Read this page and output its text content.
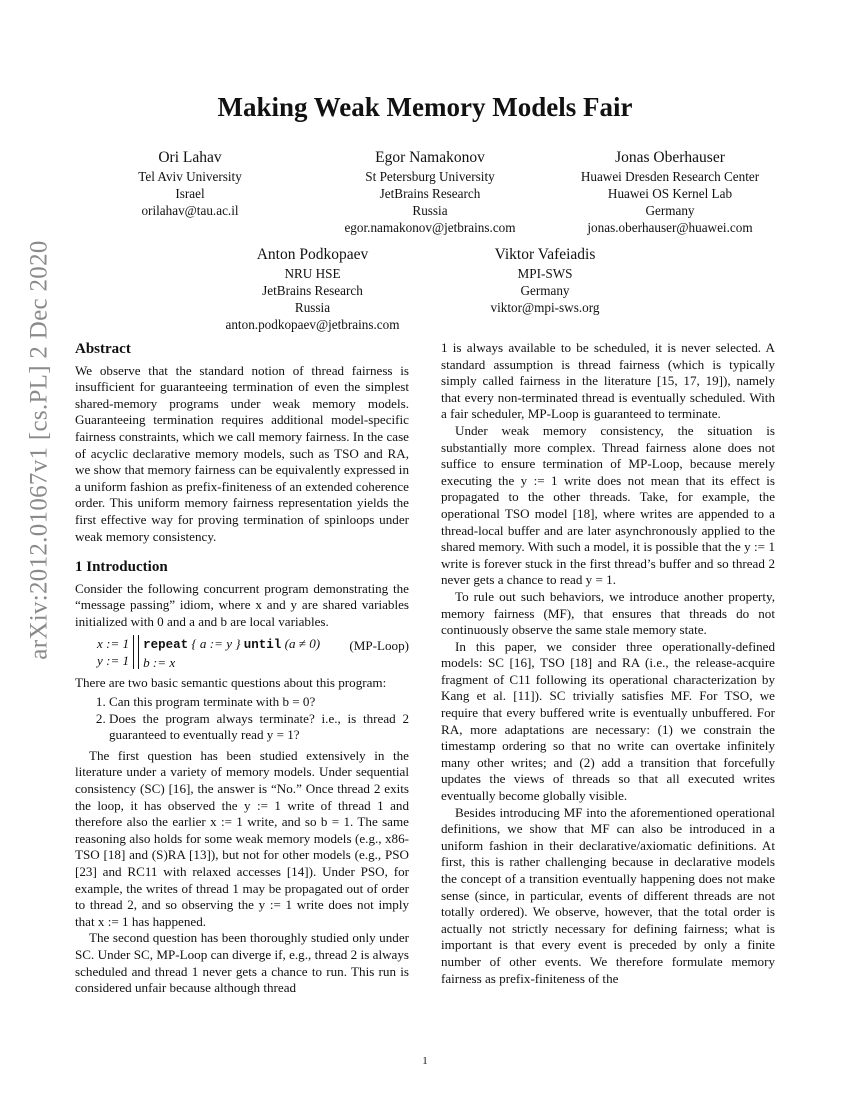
arXiv:2012.01067v1 [cs.PL] 2 Dec 2020
Making Weak Memory Models Fair
Ori Lahav
Tel Aviv University
Israel
orilahav@tau.ac.il
Egor Namakonov
St Petersburg University
JetBrains Research
Russia
egor.namakonov@jetbrains.com
Jonas Oberhauser
Huawei Dresden Research Center
Huawei OS Kernel Lab
Germany
jonas.oberhauser@huawei.com
Anton Podkopaev
NRU HSE
JetBrains Research
Russia
anton.podkopaev@jetbrains.com
Viktor Vafeiadis
MPI-SWS
Germany
viktor@mpi-sws.org
Abstract

We observe that the standard notion of thread fairness is insufficient for guaranteeing termination of even the simplest shared-memory programs under weak memory models. Guaranteeing termination requires additional model-specific fairness constraints, which we call memory fairness. In the case of acyclic declarative memory models, such as TSO and RA, we show that memory fairness can be equivalently expressed in a uniform fashion as prefix-finiteness of an extended coherence order. This uniform memory fairness representation yields the first effective way for proving termination of spinloops under weak memory consistency.

1 Introduction

Consider the following concurrent program demonstrating the “message passing” idiom, where x and y are shared variables initialized with 0 and a and b are local variables.

x := 1
y := 1
repeat { a := y } until (a ≠ 0)
b := x
(MP-Loop)

There are two basic semantic questions about this program:

1. Can this program terminate with b = 0?
2. Does the program always terminate? i.e., is thread 2 guaranteed to eventually read y = 1?

The first question has been studied extensively in the literature under a variety of memory models. Under sequential consistency (SC) [16], the answer is “No.” Once thread 2 exits the loop, it has observed the y := 1 write of thread 1 and therefore also the earlier x := 1 write, and so b = 1. The same reasoning also holds for some weak memory models (e.g., x86-TSO [18] and (S)RA [13]), but not for other models (e.g., PSO [23] and RC11 with relaxed accesses [14]). Under PSO, for example, the writes of thread 1 may be propagated out of order to thread 2, and so observing the y := 1 write does not imply that x := 1 has happened.

The second question has been thoroughly studied only under SC. Under SC, MP-Loop can diverge if, e.g., thread 2 is always scheduled and thread 1 never gets a chance to run. This run is considered unfair because although thread

1 is always available to be scheduled, it is never selected. A standard assumption is thread fairness (which is typically simply called fairness in the literature [15, 17, 19]), namely that every non-terminated thread is eventually scheduled. With a fair scheduler, MP-Loop is guaranteed to terminate.

Under weak memory consistency, the situation is substantially more complex. Thread fairness alone does not suffice to ensure termination of MP-Loop, because merely executing the y := 1 write does not mean that its effect is propagated to the other threads. Take, for example, the operational TSO model [18], where writes are appended to a thread-local buffer and are later asynchronously applied to the shared memory. With such a model, it is possible that the y := 1 write is forever stuck in the first thread’s buffer and so thread 2 never gets a chance to read y = 1.

To rule out such behaviors, we introduce another property, memory fairness (MF), that ensures that threads do not continuously observe the same stale memory state.

In this paper, we consider three operationally-defined models: SC [16], TSO [18] and RA (i.e., the release-acquire fragment of C11 following its operational characterization by Kang et al. [11]). SC trivially satisfies MF. For TSO, we require that every buffered write is eventually unbuffered. For RA, more adaptations are necessary: (1) we constrain the timestamp ordering so that no write can overtake infinitely many other writes; and (2) add a transition that forcefully updates the views of threads so that all executed writes eventually become globally visible.

Besides introducing MF into the aforementioned operational definitions, we show that MF can also be introduced in a uniform fashion in their declarative/axiomatic definitions. At first, this is rather challenging because in declarative models the concept of a transition eventually happening does not make sense (since, in particular, events of different threads are not totally ordered). We observe, however, that the total order is actually not strictly necessary for defining fairness; what is important is that every event is preceded by only a finite number of other events. We therefore formulate memory fairness as prefix-finiteness of the

1
